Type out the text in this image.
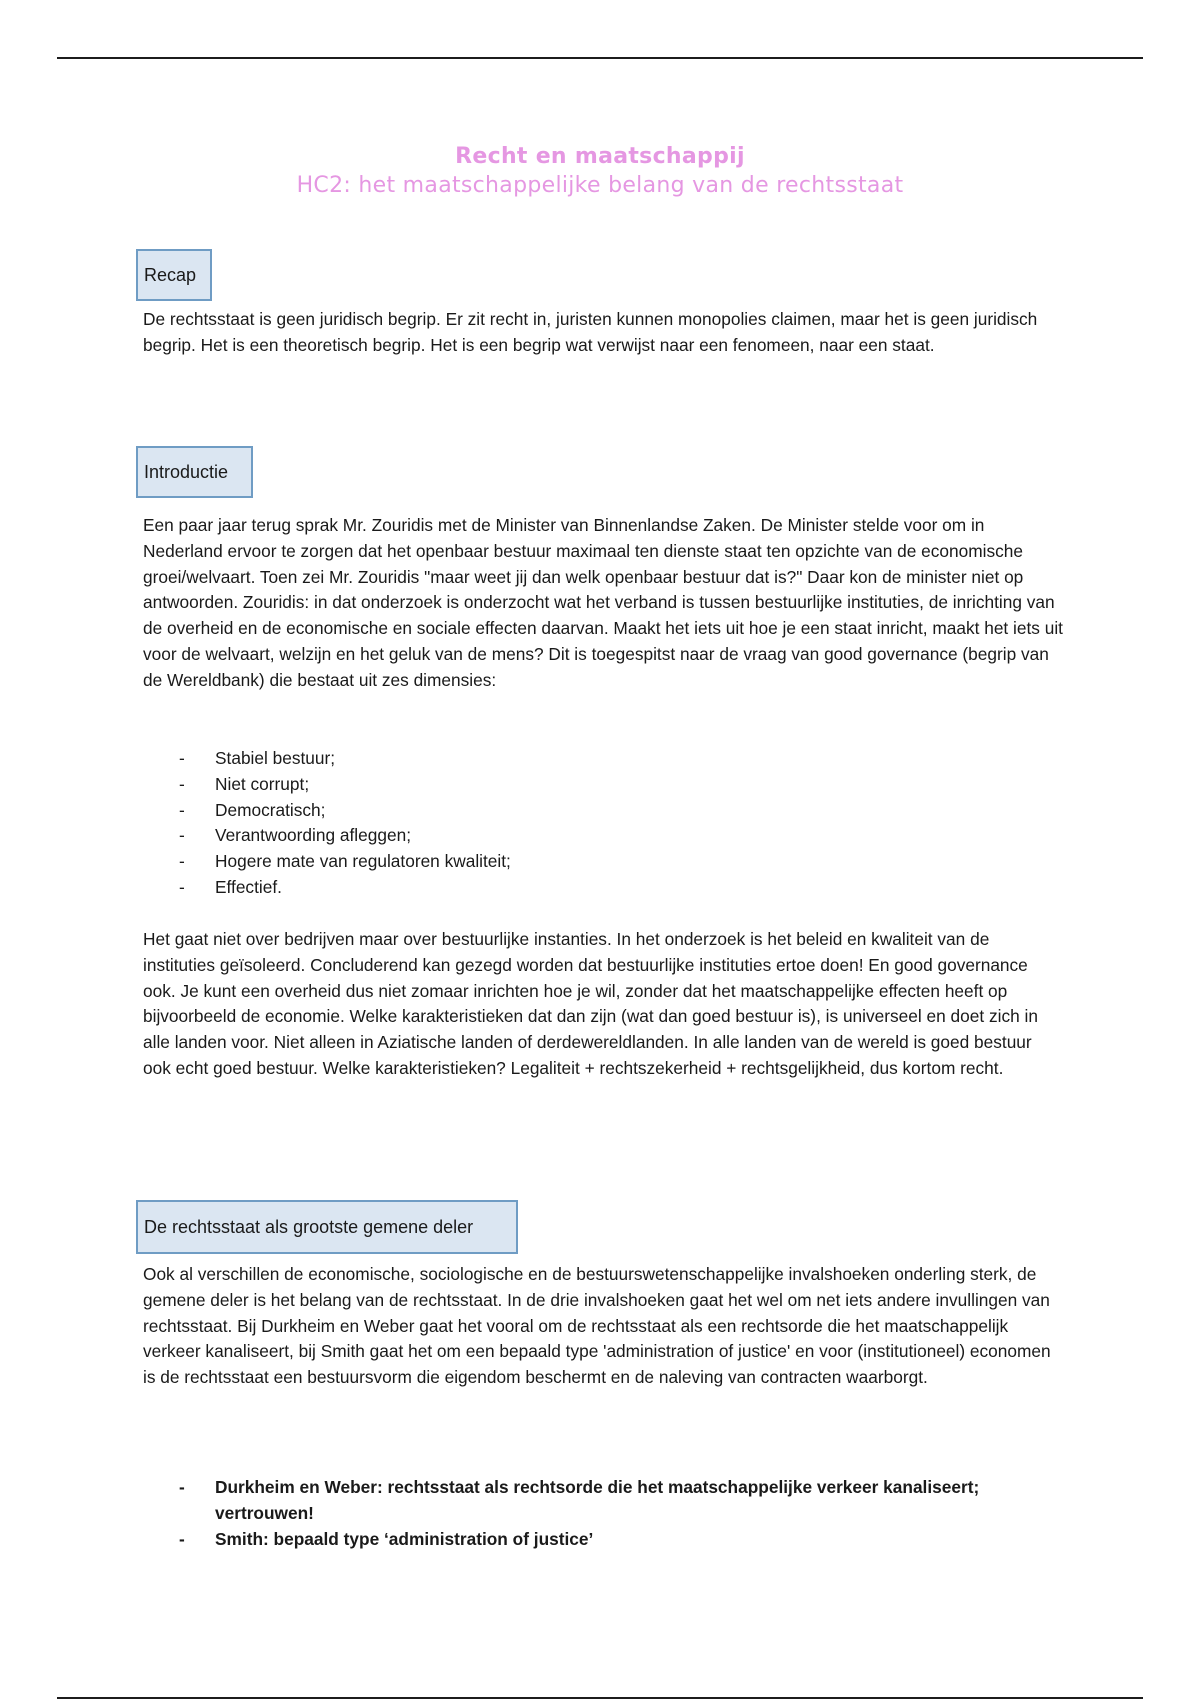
Recht en maatschappij
HC2: het maatschappelijke belang van de rechtsstaat
Recap

De rechtsstaat is geen juridisch begrip. Er zit recht in, juristen kunnen monopolies claimen, maar het is geen juridisch begrip. Het is een theoretisch begrip. Het is een begrip wat verwijst naar een fenomeen, naar een staat.

Introductie

Een paar jaar terug sprak Mr. Zouridis met de Minister van Binnenlandse Zaken. De Minister stelde voor om in Nederland ervoor te zorgen dat het openbaar bestuur maximaal ten dienste staat ten opzichte van de economische groei/welvaart. Toen zei Mr. Zouridis "maar weet jij dan welk openbaar bestuur dat is?" Daar kon de minister niet op antwoorden. Zouridis: in dat onderzoek is onderzocht wat het verband is tussen bestuurlijke instituties, de inrichting van de overheid en de economische en sociale effecten daarvan. Maakt het iets uit hoe je een staat inricht, maakt het iets uit voor de welvaart, welzijn en het geluk van de mens? Dit is toegespitst naar de vraag van good governance (begrip van de Wereldbank) die bestaat uit zes dimensies:

- Stabiel bestuur;
- Niet corrupt;
- Democratisch;
- Verantwoording afleggen;
- Hogere mate van regulatoren kwaliteit;
- Effectief.

Het gaat niet over bedrijven maar over bestuurlijke instanties. In het onderzoek is het beleid en kwaliteit van de instituties geïsoleerd. Concluderend kan gezegd worden dat bestuurlijke instituties ertoe doen! En good governance ook. Je kunt een overheid dus niet zomaar inrichten hoe je wil, zonder dat het maatschappelijke effecten heeft op bijvoorbeeld de economie. Welke karakteristieken dat dan zijn (wat dan goed bestuur is), is universeel en doet zich in alle landen voor. Niet alleen in Aziatische landen of derdewereldlanden. In alle landen van de wereld is goed bestuur ook echt goed bestuur. Welke karakteristieken? Legaliteit + rechtszekerheid + rechtsgelijkheid, dus kortom recht.

De rechtsstaat als grootste gemene deler

Ook al verschillen de economische, sociologische en de bestuurswetenschappelijke invalshoeken onderling sterk, de gemene deler is het belang van de rechtsstaat. In de drie invalshoeken gaat het wel om net iets andere invullingen van rechtsstaat. Bij Durkheim en Weber gaat het vooral om de rechtsstaat als een rechtsorde die het maatschappelijk verkeer kanaliseert, bij Smith gaat het om een bepaald type 'administration of justice' en voor (institutioneel) economen is de rechtsstaat een bestuursvorm die eigendom beschermt en de naleving van contracten waarborgt.

- Durkheim en Weber: rechtsstaat als rechtsorde die het maatschappelijke verkeer kanaliseert; vertrouwen!
- Smith: bepaald type ‘administration of justice’
